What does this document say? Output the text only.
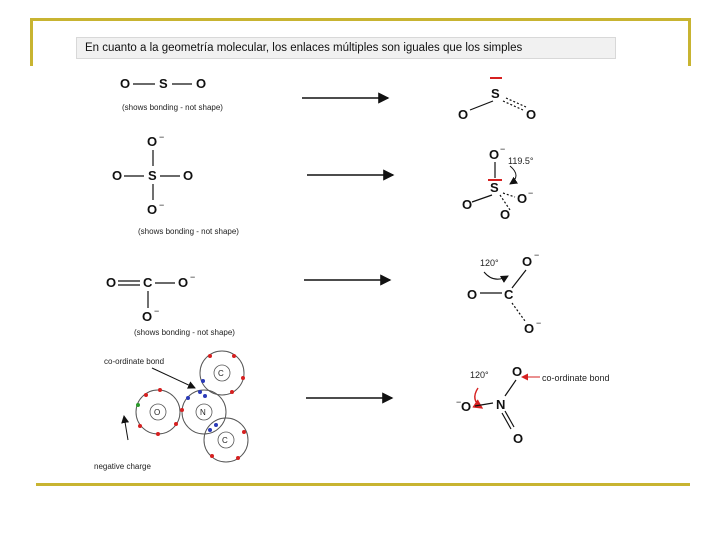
En cuanto a la geometría molecular, los enlaces múltiples son iguales que los simples
O S O
(shows bonding - not shape)
S
O	O
O −
O S O
O −
(shows bonding - not shape)
O −
119.5°
S
O	O −
O
O C O −
O −
(shows bonding - not shape)
120° O −
O C
O −
co-ordinate bond
C
N
O
C
negative charge
120° O co-ordinate bond
− O N
O
